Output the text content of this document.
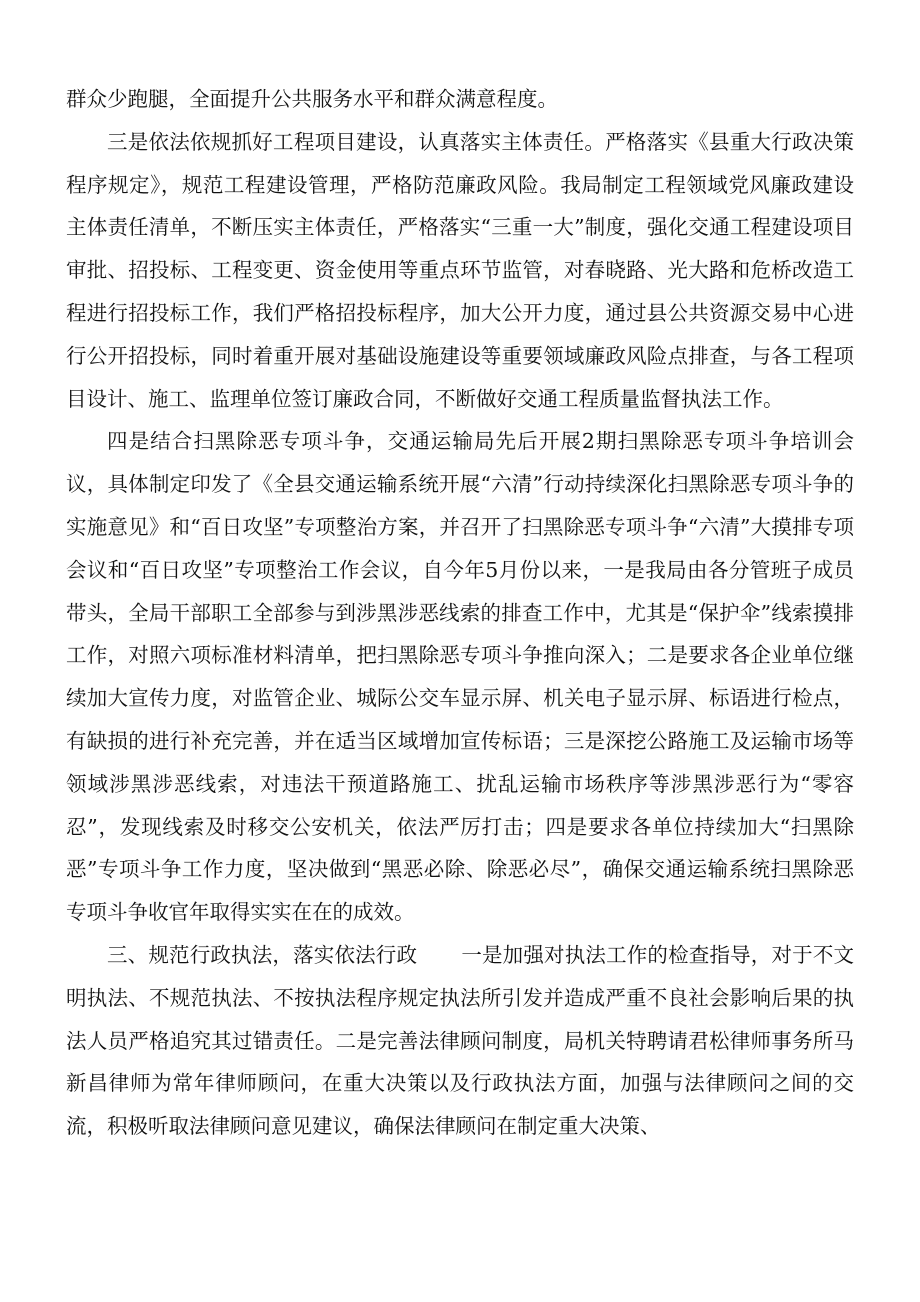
群众少跑腿，全面提升公共服务水平和群众满意程度。

三是依法依规抓好工程项目建设，认真落实主体责任。严格落实《县重大行政决策程序规定》，规范工程建设管理，严格防范廉政风险。我局制定工程领域党风廉政建设主体责任清单，不断压实主体责任，严格落实“三重一大”制度，强化交通工程建设项目审批、招投标、工程变更、资金使用等重点环节监管，对春晓路、光大路和危桥改造工程进行招投标工作，我们严格招投标程序，加大公开力度，通过县公共资源交易中心进行公开招投标，同时着重开展对基础设施建设等重要领域廉政风险点排查，与各工程项目设计、施工、监理单位签订廉政合同，不断做好交通工程质量监督执法工作。

四是结合扫黑除恶专项斗争，交通运输局先后开展2期扫黑除恶专项斗争培训会议，具体制定印发了《全县交通运输系统开展“六清”行动持续深化扫黑除恶专项斗争的实施意见》和“百日攻坚”专项整治方案，并召开了扫黑除恶专项斗争“六清”大摸排专项会议和“百日攻坚”专项整治工作会议，自今年5月份以来，一是我局由各分管班子成员带头，全局干部职工全部参与到涉黑涉恶线索的排查工作中，尤其是“保护伞”线索摸排工作，对照六项标准材料清单，把扫黑除恶专项斗争推向深入；二是要求各企业单位继续加大宣传力度，对监管企业、城际公交车显示屏、机关电子显示屏、标语进行检点，有缺损的进行补充完善，并在适当区域增加宣传标语；三是深挖公路施工及运输市场等领域涉黑涉恶线索，对违法干预道路施工、扰乱运输市场秩序等涉黑涉恶行为“零容忍”，发现线索及时移交公安机关，依法严厉打击；四是要求各单位持续加大“扫黑除恶”专项斗争工作力度，坚决做到“黑恶必除、除恶必尽”，确保交通运输系统扫黑除恶专项斗争收官年取得实实在在的成效。

三、规范行政执法，落实依法行政 一是加强对执法工作的检查指导，对于不文明执法、不规范执法、不按执法程序规定执法所引发并造成严重不良社会影响后果的执法人员严格追究其过错责任。二是完善法律顾问制度，局机关特聘请君松律师事务所马新昌律师为常年律师顾问，在重大决策以及行政执法方面，加强与法律顾问之间的交流，积极听取法律顾问意见建议，确保法律顾问在制定重大决策、
